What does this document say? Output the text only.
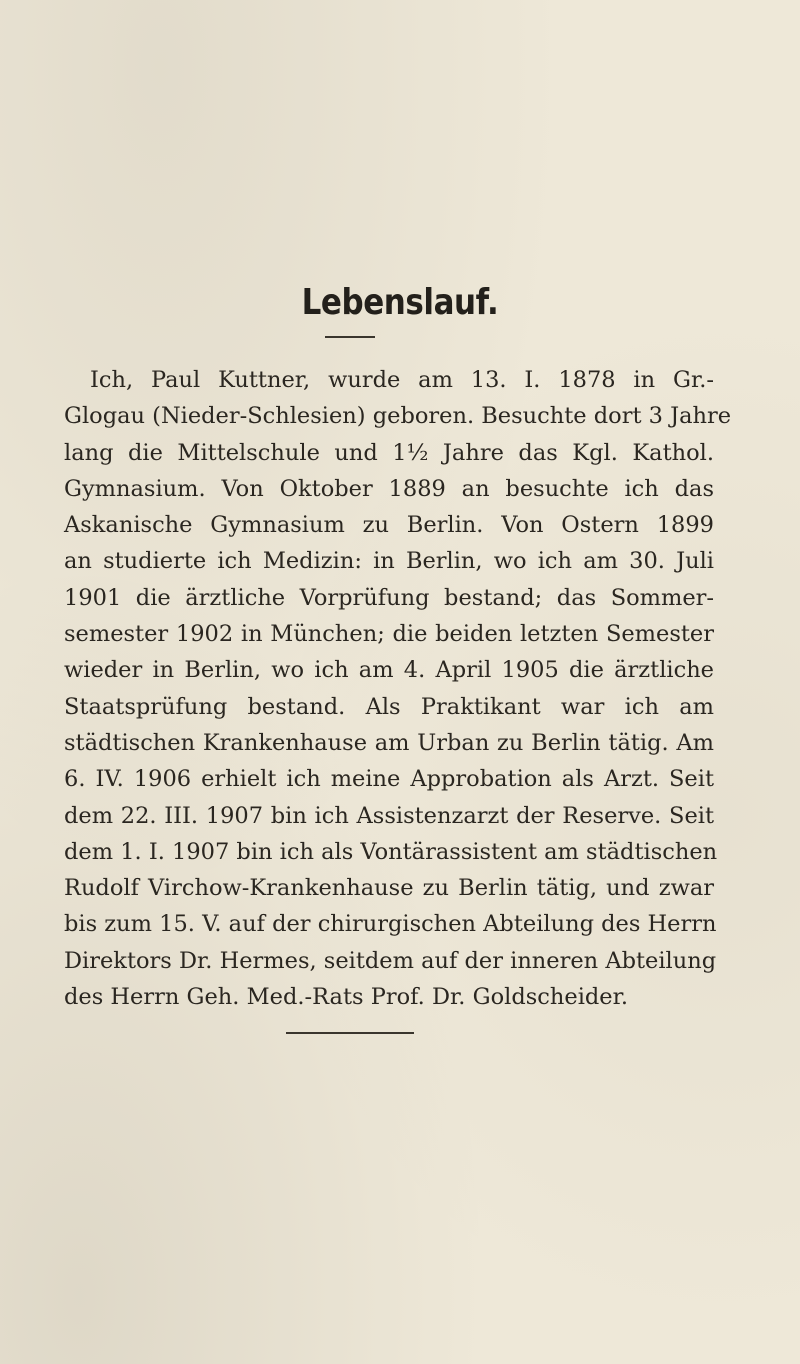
Lebenslauf.
Ich, Paul Kuttner, wurde am 13. I. 1878 in Gr.-
Glogau (Nieder-Schlesien) geboren. Besuchte dort 3 Jahre
lang die Mittelschule und 1½ Jahre das Kgl. Kathol.
Gymnasium. Von Oktober 1889 an besuchte ich das
Askanische Gymnasium zu Berlin. Von Ostern 1899
an studierte ich Medizin: in Berlin, wo ich am 30. Juli
1901 die ärztliche Vorprüfung bestand; das Sommer-
semester 1902 in München; die beiden letzten Semester
wieder in Berlin, wo ich am 4. April 1905 die ärztliche
Staatsprüfung bestand. Als Praktikant war ich am
städtischen Krankenhause am Urban zu Berlin tätig. Am
6. IV. 1906 erhielt ich meine Approbation als Arzt. Seit
dem 22. III. 1907 bin ich Assistenzarzt der Reserve. Seit
dem 1. I. 1907 bin ich als Vontärassistent am städtischen
Rudolf Virchow-Krankenhause zu Berlin tätig, und zwar
bis zum 15. V. auf der chirurgischen Abteilung des Herrn
Direktors Dr. Hermes, seitdem auf der inneren Abteilung
des Herrn Geh. Med.-Rats Prof. Dr. Goldscheider.
